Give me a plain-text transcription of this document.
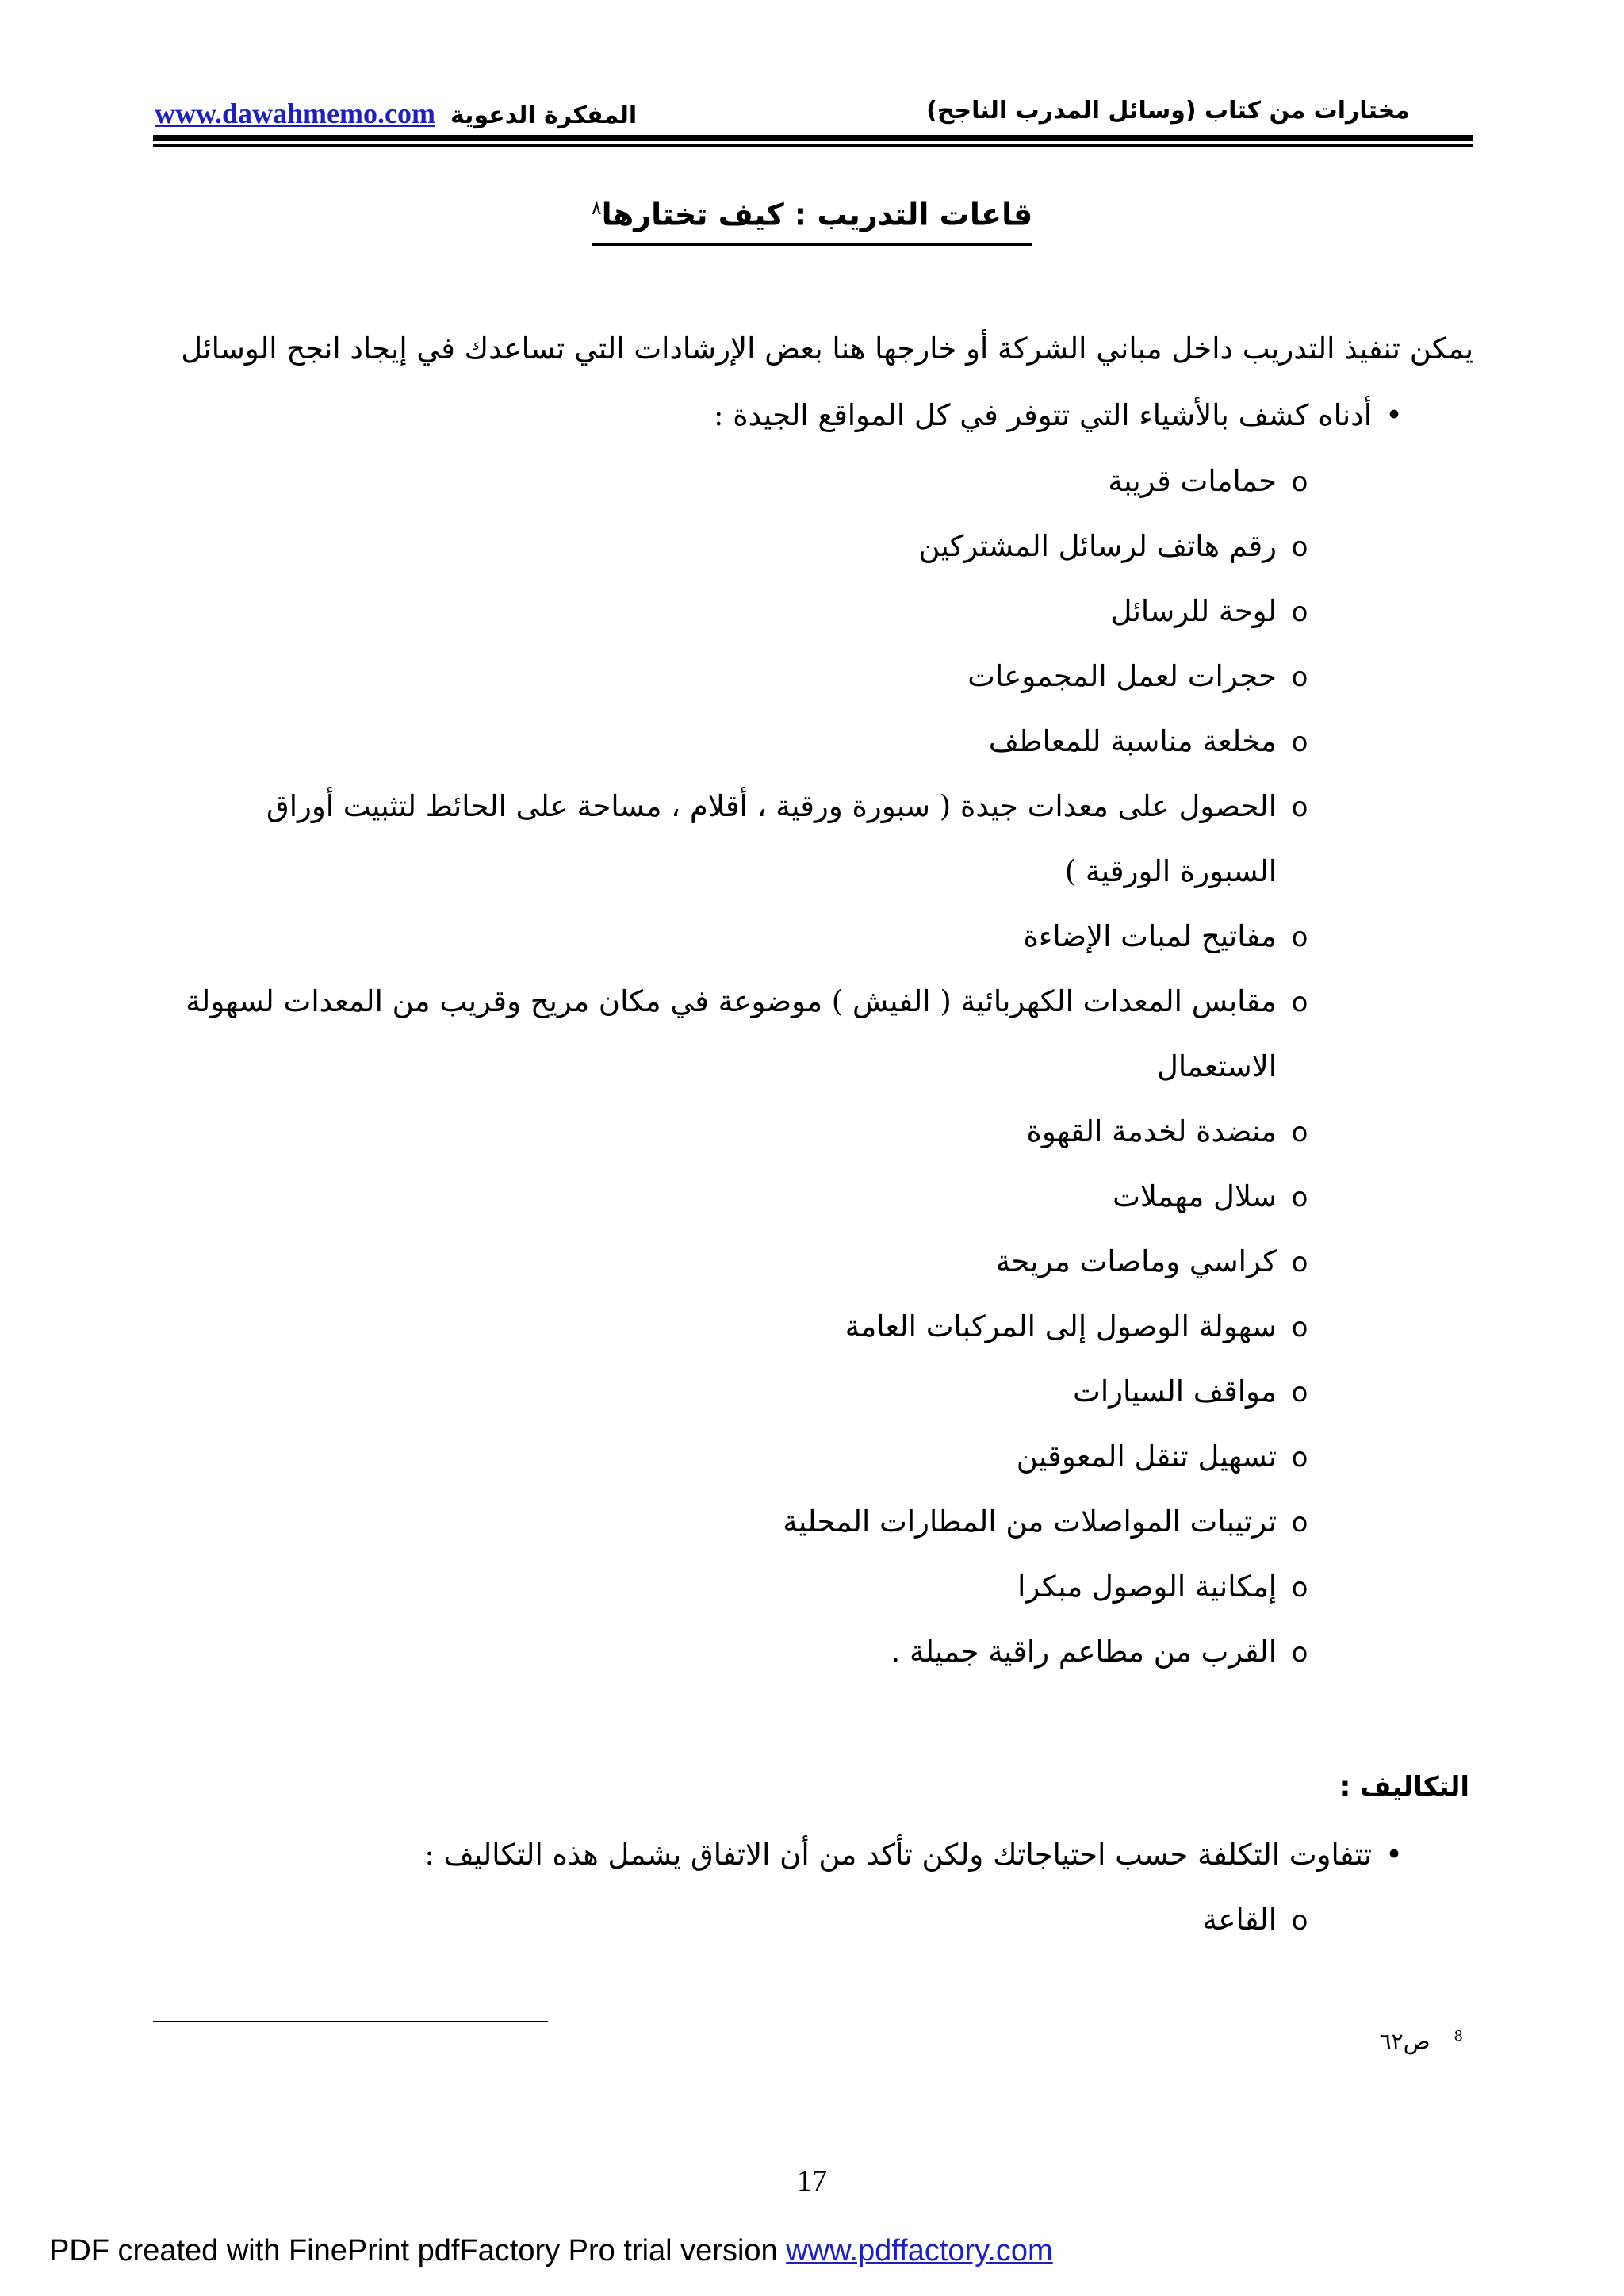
www.dawahmemo.com المفكرة الدعوية	مختارات من كتاب (وسائل المدرب الناجح)
قاعات التدريب : كيف تختارها$^٨$
يمكن تنفيذ التدريب داخل مباني الشركة أو خارجها هنا بعض الإرشادات التي تساعدك في إيجاد انجح الوسائل
•أدناه كشف بالأشياء التي تتوفر في كل المواقع الجيدة :
oحمامات قريبة
oرقم هاتف لرسائل المشتركين
oلوحة للرسائل
oحجرات لعمل المجموعات
oمخلعة مناسبة للمعاطف
oالحصول على معدات جيدة ( سبورة ورقية ، أقلام ، مساحة على الحائط لتثبيت أوراق
السبورة الورقية )
oمفاتيح لمبات الإضاءة
oمقابس المعدات الكهربائية ( الفيش ) موضوعة في مكان مريح وقريب من المعدات لسهولة
الاستعمال
oمنضدة لخدمة القهوة
oسلال مهملات
oكراسي وماصات مريحة
oسهولة الوصول إلى المركبات العامة
oمواقف السيارات
oتسهيل تنقل المعوقين
oترتيبات المواصلات من المطارات المحلية
oإمكانية الوصول مبكرا
oالقرب من مطاعم راقية جميلة .
التكاليف :
•تتفاوت التكلفة حسب احتياجاتك ولكن تأكد من أن الاتفاق يشمل هذه التكاليف :
oالقاعة
$^8$ص٦٢
17
PDF created with FinePrint pdfFactory Pro trial version www.pdffactory.com
